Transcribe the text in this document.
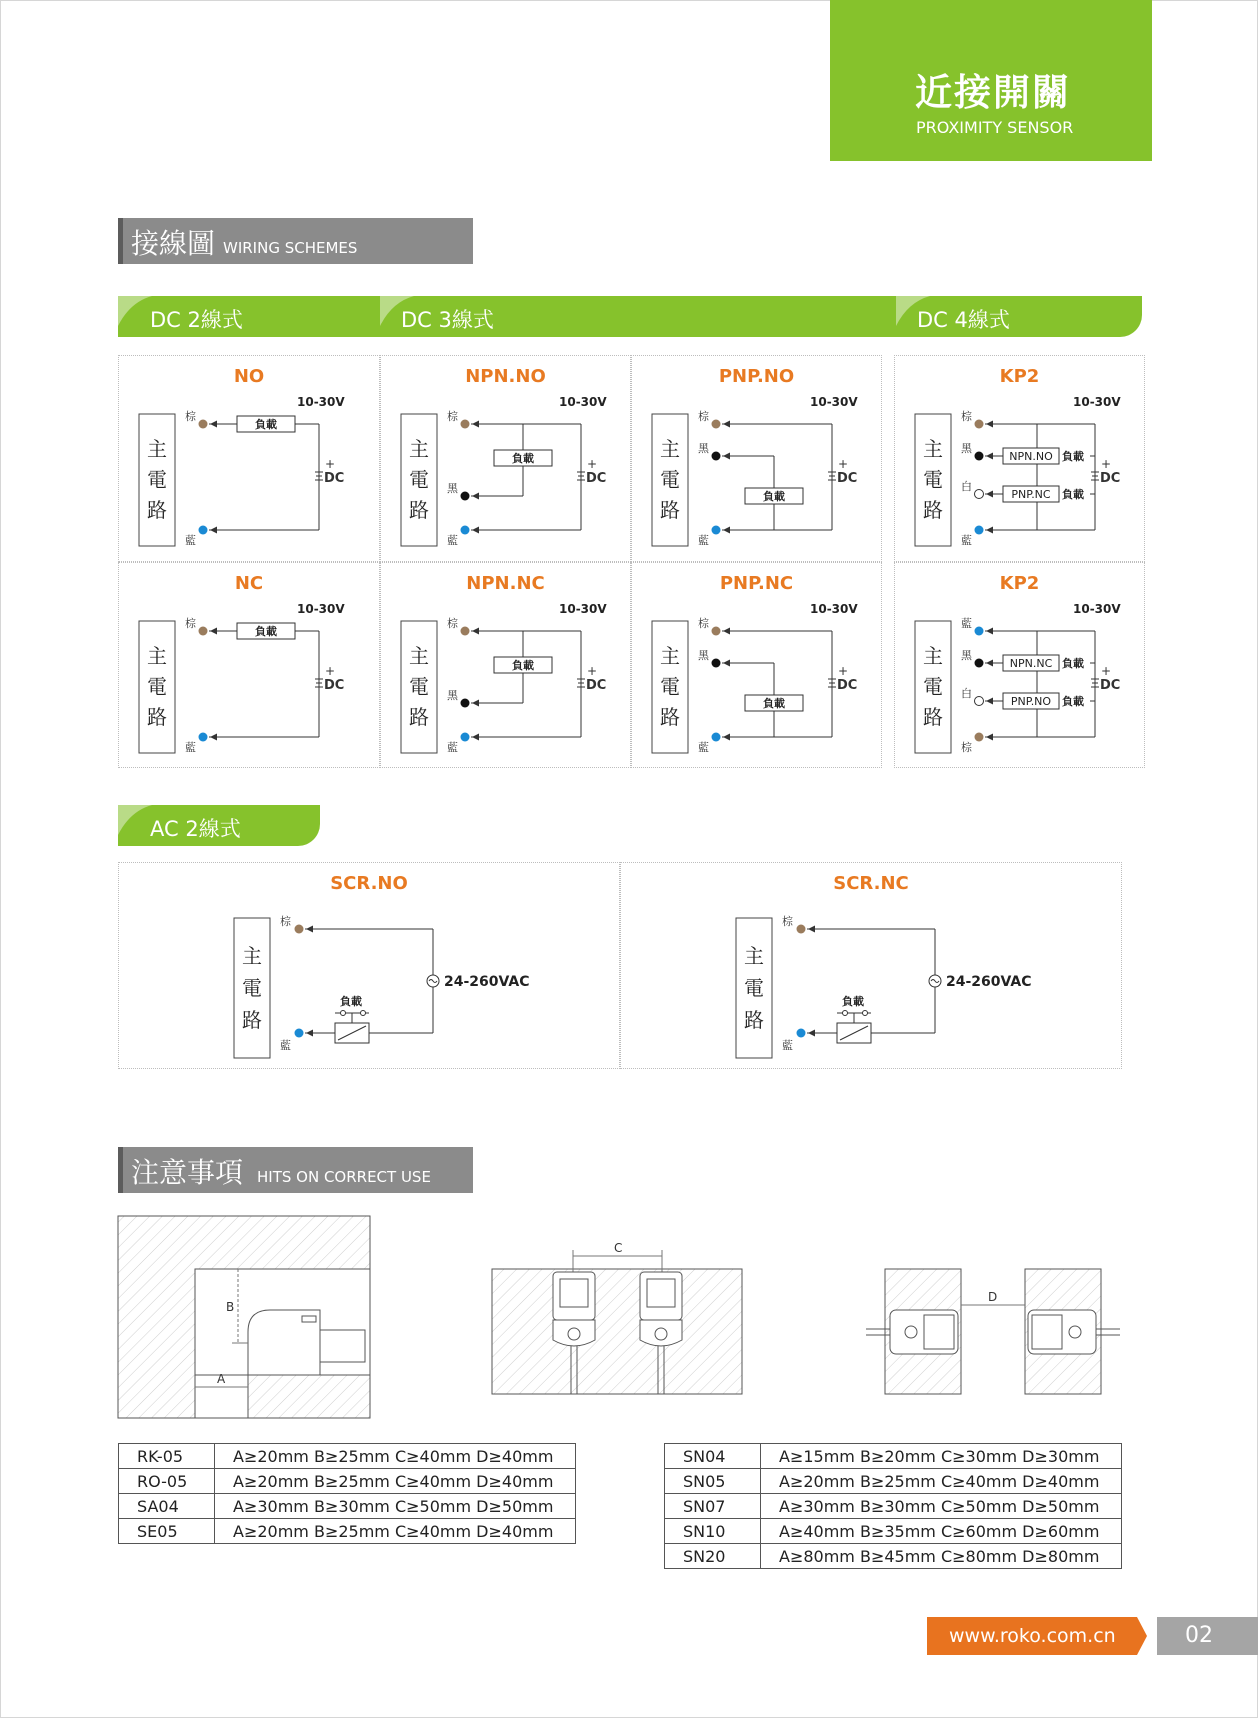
近接開關
PROXIMITY SENSOR
接線圖 WIRING SCHEMES
DC 2線式	DC 3線式	DC 4線式
NO
主
電
路
10-30V
棕
負載
+
DC
藍
NPN.NO
主
電
路
10-30V
棕
負載
黑
+
DC
藍
PNP.NO
主
電
路
10-30V
棕
黑
負載
+
DC
藍
KP2
主
電
路
10-30V
棕
黑
NPN.NO 負載
白
PNP.NC 負載
+
DC
藍
NC
主
電
路
10-30V
棕
負載
+
DC
藍
NPN.NC
主
電
路
10-30V
棕
負載
黑
+
DC
藍
PNP.NC
主
電
路
10-30V
棕
黑
負載
+
DC
藍
KP2
主
電
路
10-30V
藍
黑
NPN.NC 負載
白
PNP.NO 負載
+
DC
棕
SCR.NO
主
電
路
棕
24-260VAC
負載
藍
SCR.NC
主
電
路
棕
24-260VAC
負載
藍
AC 2線式
注意事項 HITS ON CORRECT USE
B
A
C
D
RK-05	A≥20mm B≥25mm C≥40mm D≥40mm
RO-05	A≥20mm B≥25mm C≥40mm D≥40mm
SA04	A≥30mm B≥30mm C≥50mm D≥50mm
SE05	A≥20mm B≥25mm C≥40mm D≥40mm
SN04	A≥15mm B≥20mm C≥30mm D≥30mm
SN05	A≥20mm B≥25mm C≥40mm D≥40mm
SN07	A≥30mm B≥30mm C≥50mm D≥50mm
SN10	A≥40mm B≥35mm C≥60mm D≥60mm
SN20	A≥80mm B≥45mm C≥80mm D≥80mm
www.roko.com.cn	02
